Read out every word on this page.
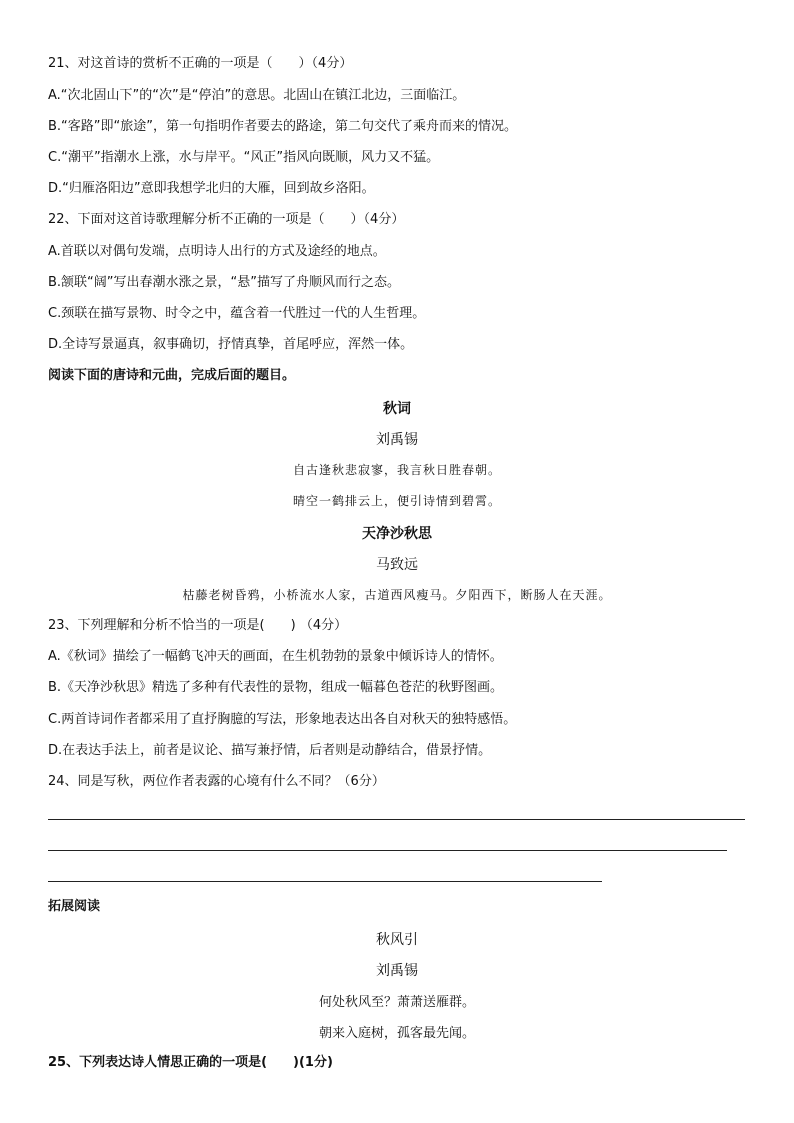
21、对这首诗的赏析不正确的一项是（　　）（4分）
A.“次北固山下”的“次”是“停泊”的意思。北固山在镇江北边，三面临江。
B.“客路”即“旅途”，第一句指明作者要去的路途，第二句交代了乘舟而来的情况。
C.“潮平”指潮水上涨，水与岸平。“风正”指风向既顺，风力又不猛。
D.“归雁洛阳边”意即我想学北归的大雁，回到故乡洛阳。
22、下面对这首诗歌理解分析不正确的一项是（　　）（4分）
A.首联以对偶句发端，点明诗人出行的方式及途经的地点。
B.颔联“阔”写出春潮水涨之景，“悬”描写了舟顺风而行之态。
C.颈联在描写景物、时令之中，蕴含着一代胜过一代的人生哲理。
D.全诗写景逼真，叙事确切，抒情真挚，首尾呼应，浑然一体。
阅读下面的唐诗和元曲，完成后面的题目。
秋词
刘禹锡
自古逢秋悲寂寥，我言秋日胜春朝。
晴空一鹤排云上，便引诗情到碧霄。
天净沙秋思
马致远
枯藤老树昏鸦，小桥流水人家，古道西风瘦马。夕阳西下，断肠人在天涯。
23、下列理解和分析不恰当的一项是(　　) （4分）
A.《秋词》描绘了一幅鹤飞冲天的画面，在生机勃勃的景象中倾诉诗人的情怀。
B.《天净沙秋思》精选了多种有代表性的景物，组成一幅暮色苍茫的秋野图画。
C.两首诗词作者都采用了直抒胸臆的写法，形象地表达出各自对秋天的独特感悟。
D.在表达手法上，前者是议论、描写兼抒情，后者则是动静结合，借景抒情。
24、同是写秋，两位作者表露的心境有什么不同？（6分）
拓展阅读
秋风引
刘禹锡
何处秋风至？萧萧送雁群。
朝来入庭树，孤客最先闻。
25、下列表达诗人情思正确的一项是(　　)(1分)
